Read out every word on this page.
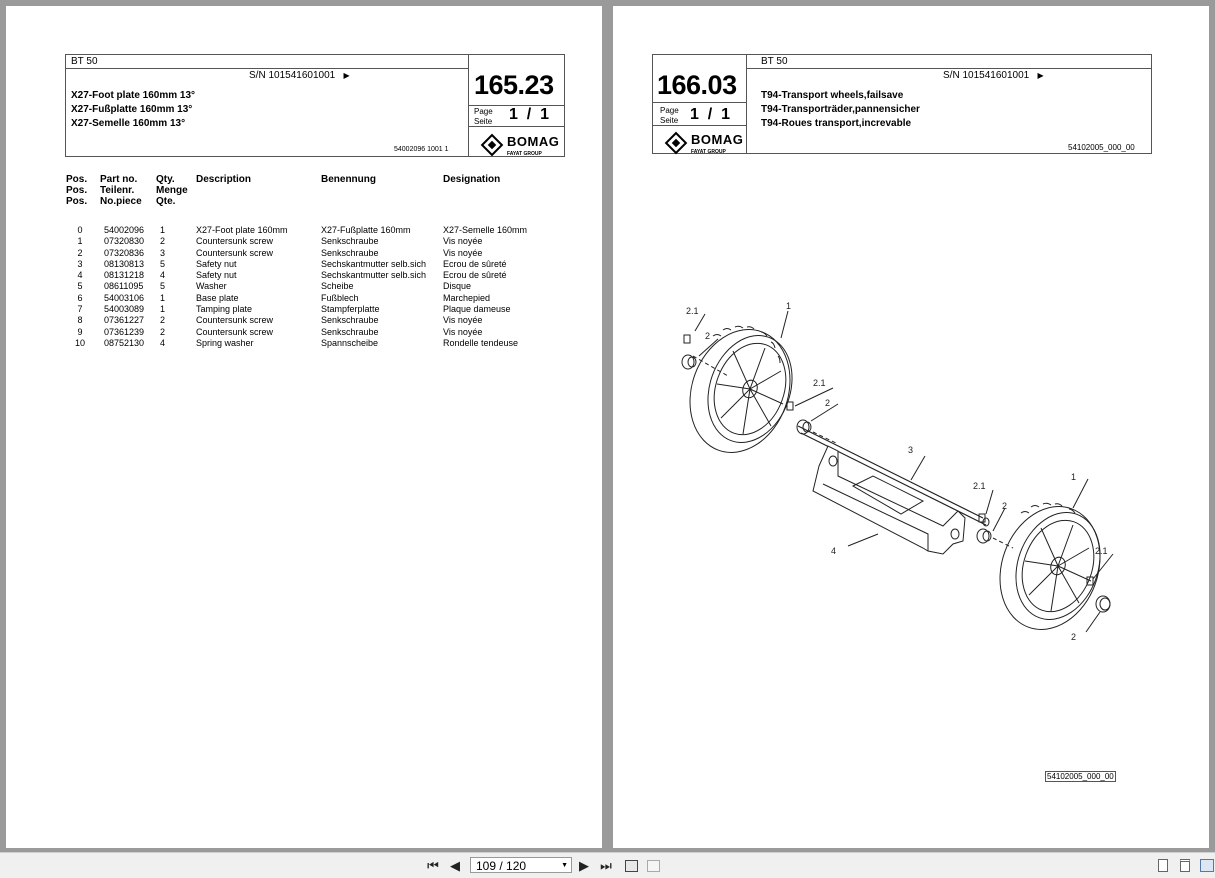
BT 50
S/N 101541601001 ▶
X27-Foot plate 160mm 13°
X27-Fußplatte 160mm 13°
X27-Semelle 160mm 13°
54002096 1001 1
165.23
Page
Seite 1  /  1
BOMAG
FAYAT GROUP
Pos.
Pos.
Pos.
Part no.
Teilenr.
No.piece
Qty.
Menge
Qte.
Description	Benennung	Designation
0	54002096	1	X27-Foot plate 160mm	X27-Fußplatte 160mm	X27-Semelle 160mm
1	07320830	2	Countersunk screw	Senkschraube	Vis noyée
2	07320836	3	Countersunk screw	Senkschraube	Vis noyée
3	08130813	5	Safety nut	Sechskantmutter selb.sich	Ecrou de sûreté
4	08131218	4	Safety nut	Sechskantmutter selb.sich	Ecrou de sûreté
5	08611095	5	Washer	Scheibe	Disque
6	54003106	1	Base plate	Fußblech	Marchepied
7	54003089	1	Tamping plate	Stampferplatte	Plaque dameuse
8	07361227	2	Countersunk screw	Senkschraube	Vis noyée
9	07361239	2	Countersunk screw	Senkschraube	Vis noyée
10	08752130	4	Spring washer	Spannscheibe	Rondelle tendeuse
BT 50
S/N 101541601001 ▶
T94-Transport wheels,failsave
T94-Transporträder,pannensicher
T94-Roues transport,increvable
54102005_000_00
166.03
Page
Seite 1  /  1
BOMAG
FAYAT GROUP
1
2
2.1
2.1
2
3
4
1
2.1
2
2.1
2
54102005_000_00
⏮ ◀	109 / 120	▼ ▶ ⏭
